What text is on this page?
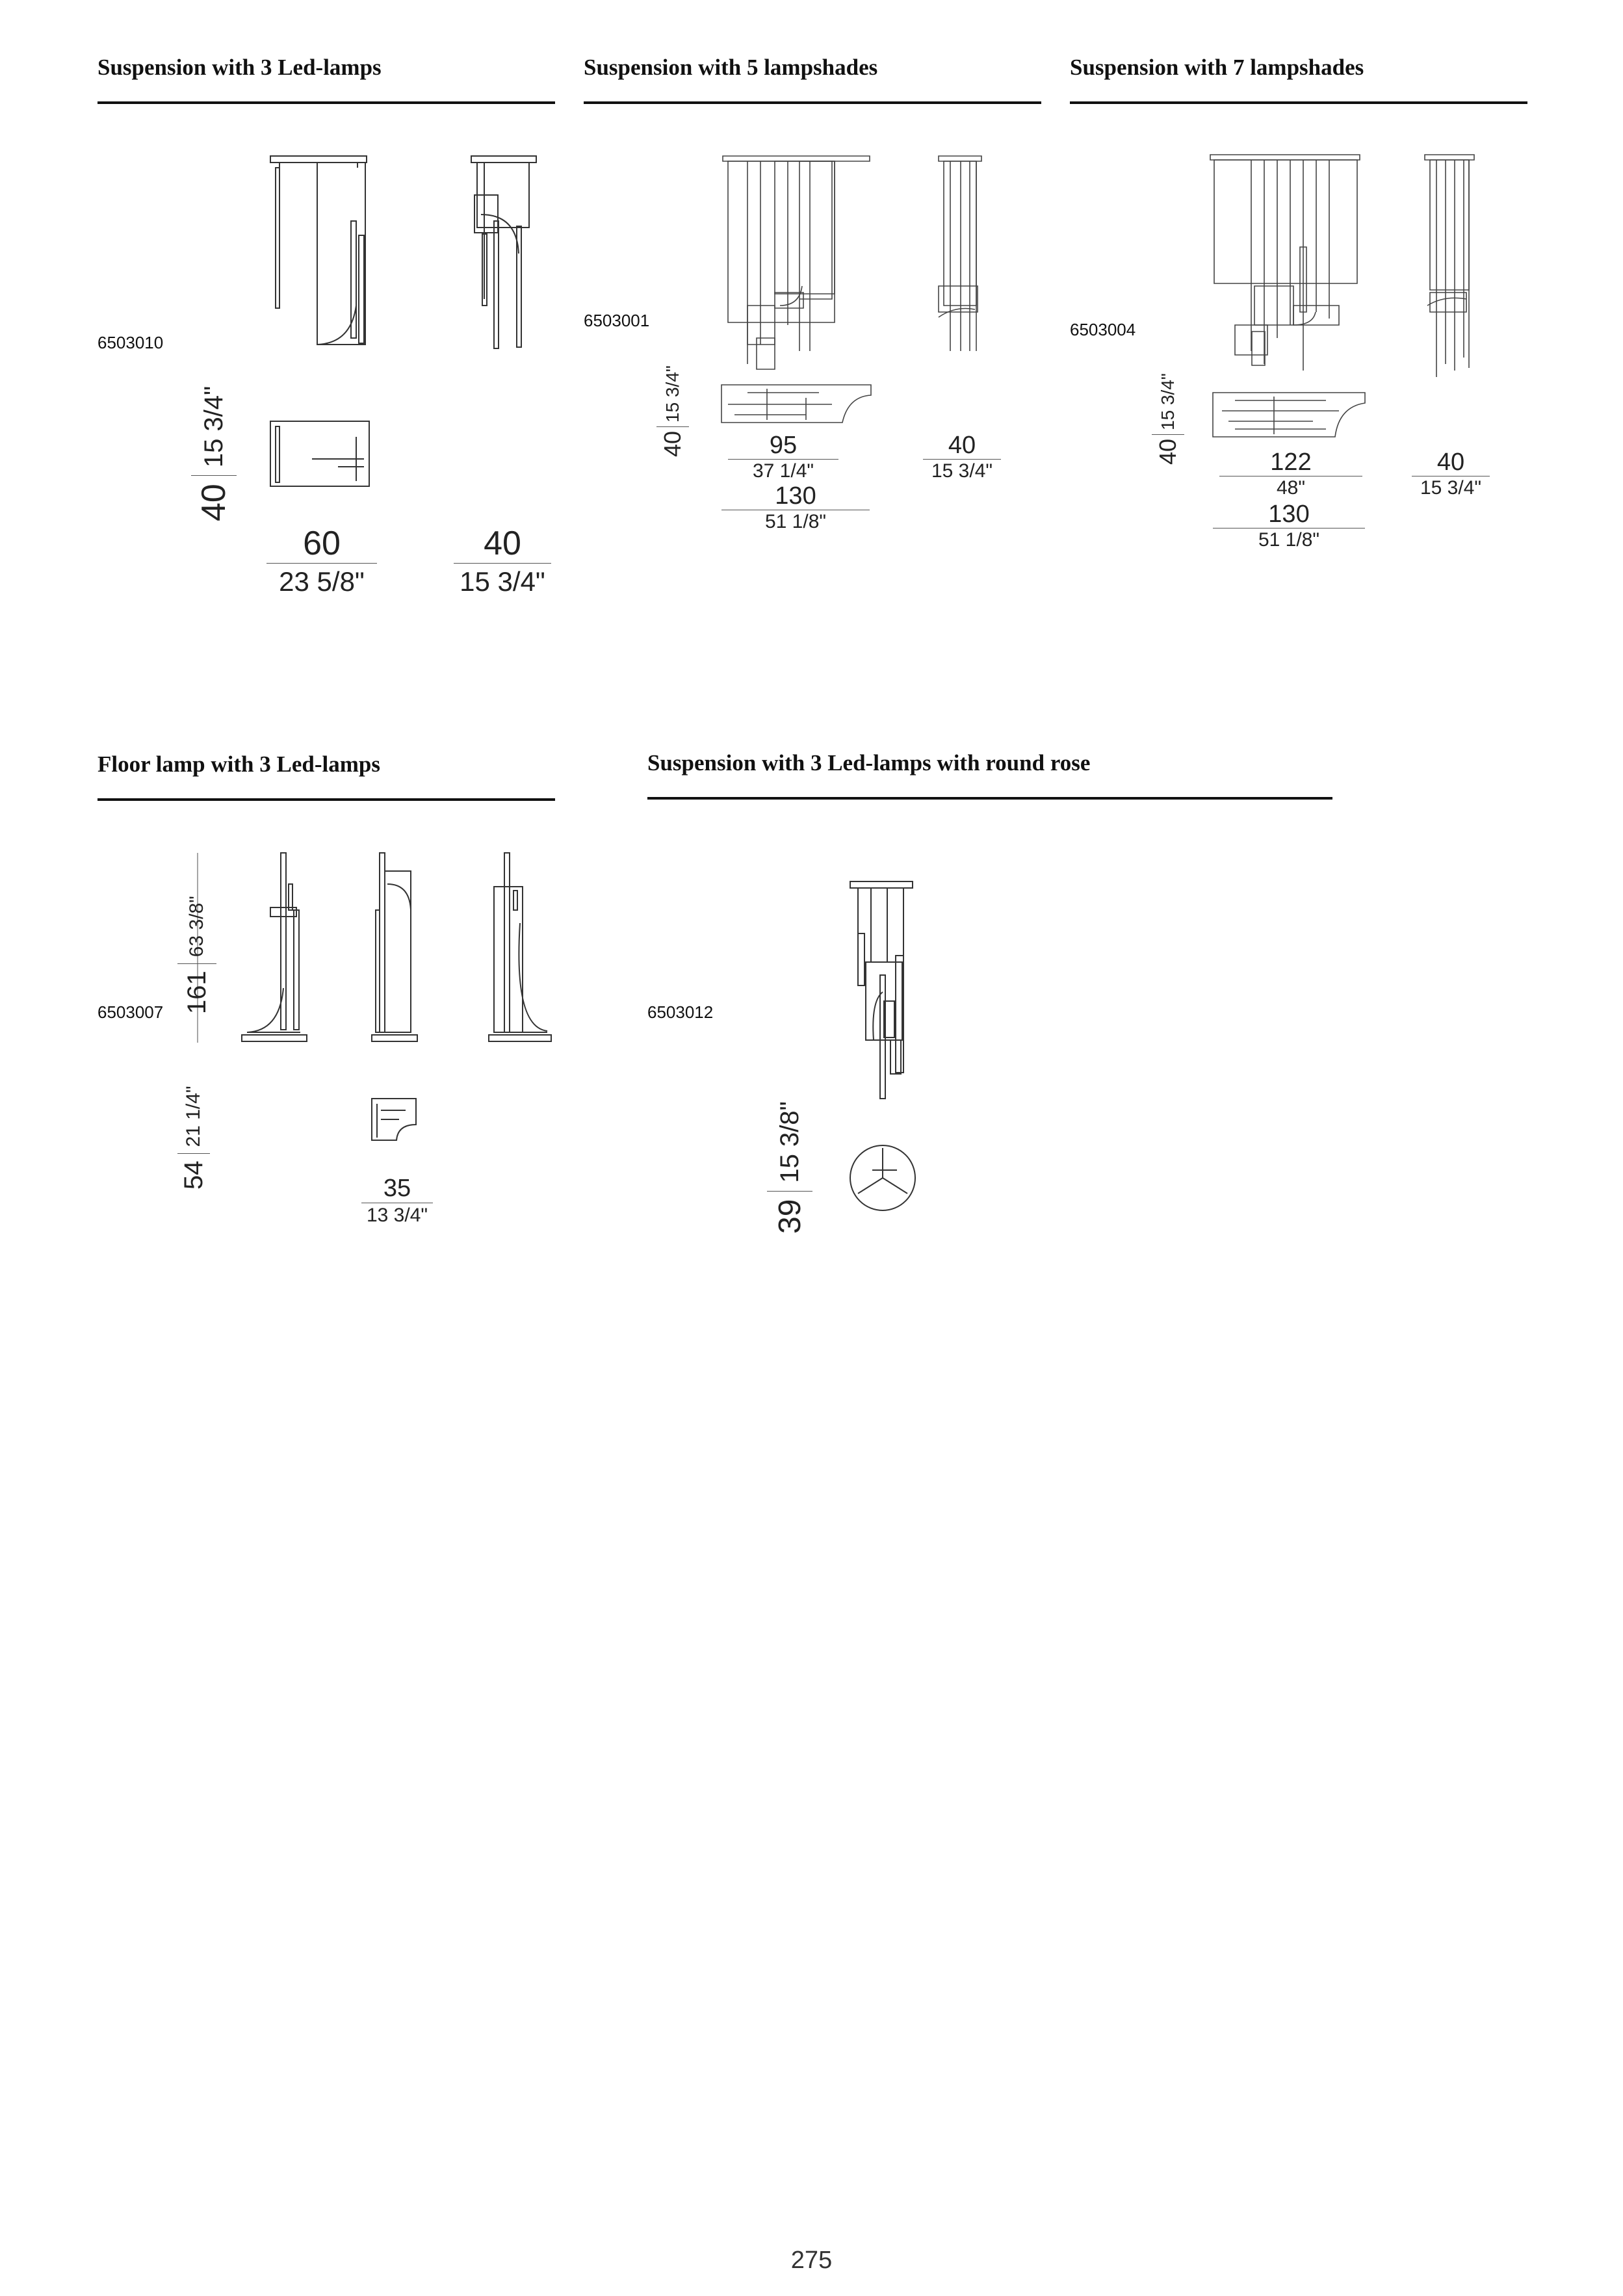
Suspension with 3 Led-lamps
6503010
40
15 3/4"
60
23 5/8"
40
15 3/4"
Suspension with 5 lampshades
6503001
40
15 3/4"
95
37 1/4"
130
51 1/8"
40
15 3/4"
Suspension with 7 lampshades
6503004
40
15 3/4"
122
48"
130
51 1/8"
40
15 3/4"
Floor lamp with 3 Led-lamps
6503007 161
63 3/8"
54
21 1/4"
35
13 3/4"
Suspension with 3 Led-lamps with round rose
6503012
39
15 3/8"
275
